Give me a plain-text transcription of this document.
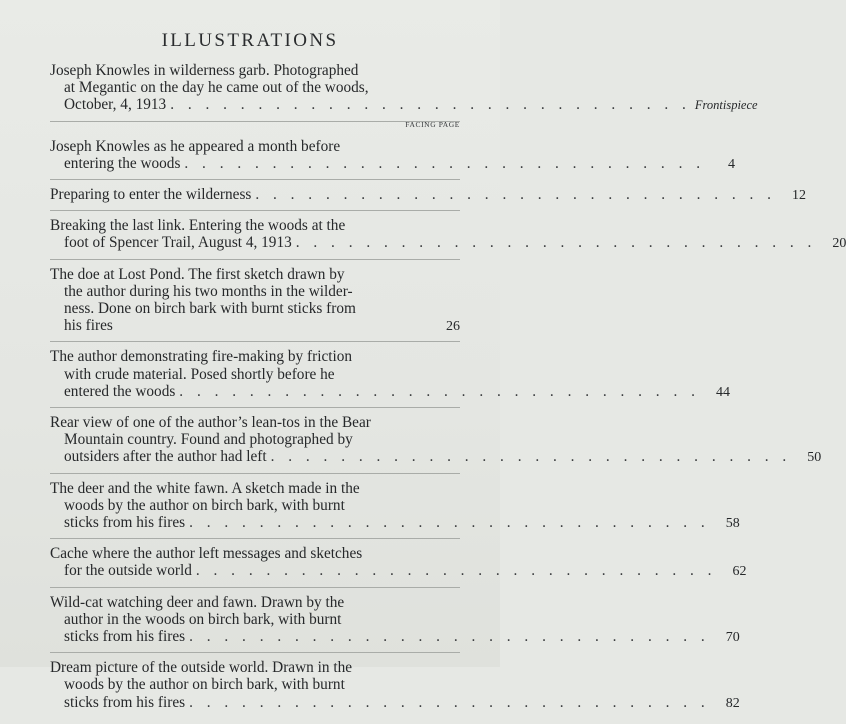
ILLUSTRATIONS
Joseph Knowles in wilderness garb. Photographed
at Megantic on the day he came out of the woods,
October, 4, 1913 . . . . . . . . . . . . . . . . . . . . . . . . . . . . . . Frontispiece
FACING PAGE
Joseph Knowles as he appeared a month before
entering the woods . . . . . . . . . . . . . . . . . . . . . . . . . . . . . .	4
Preparing to enter the wilderness . . . . . . . . . . . . . . . . . . . . . . . . . . . . . .	12
Breaking the last link. Entering the woods at the
foot of Spencer Trail, August 4, 1913 . . . . . . . . . . . . . . . . . . . . . . . . . . . . . .	20
The doe at Lost Pond. The first sketch drawn by
the author during his two months in the wilder-
ness. Done on birch bark with burnt sticks from
his fires	26
The author demonstrating fire-making by friction
with crude material. Posed shortly before he
entered the woods . . . . . . . . . . . . . . . . . . . . . . . . . . . . . .	44
Rear view of one of the author’s lean-tos in the Bear
Mountain country. Found and photographed by
outsiders after the author had left . . . . . . . . . . . . . . . . . . . . . . . . . . . . . .	50
The deer and the white fawn. A sketch made in the
woods by the author on birch bark, with burnt
sticks from his fires . . . . . . . . . . . . . . . . . . . . . . . . . . . . . .	58
Cache where the author left messages and sketches
for the outside world . . . . . . . . . . . . . . . . . . . . . . . . . . . . . .	62
Wild-cat watching deer and fawn. Drawn by the
author in the woods on birch bark, with burnt
sticks from his fires . . . . . . . . . . . . . . . . . . . . . . . . . . . . . .	70
Dream picture of the outside world. Drawn in the
woods by the author on birch bark, with burnt
sticks from his fires . . . . . . . . . . . . . . . . . . . . . . . . . . . . . .	82
